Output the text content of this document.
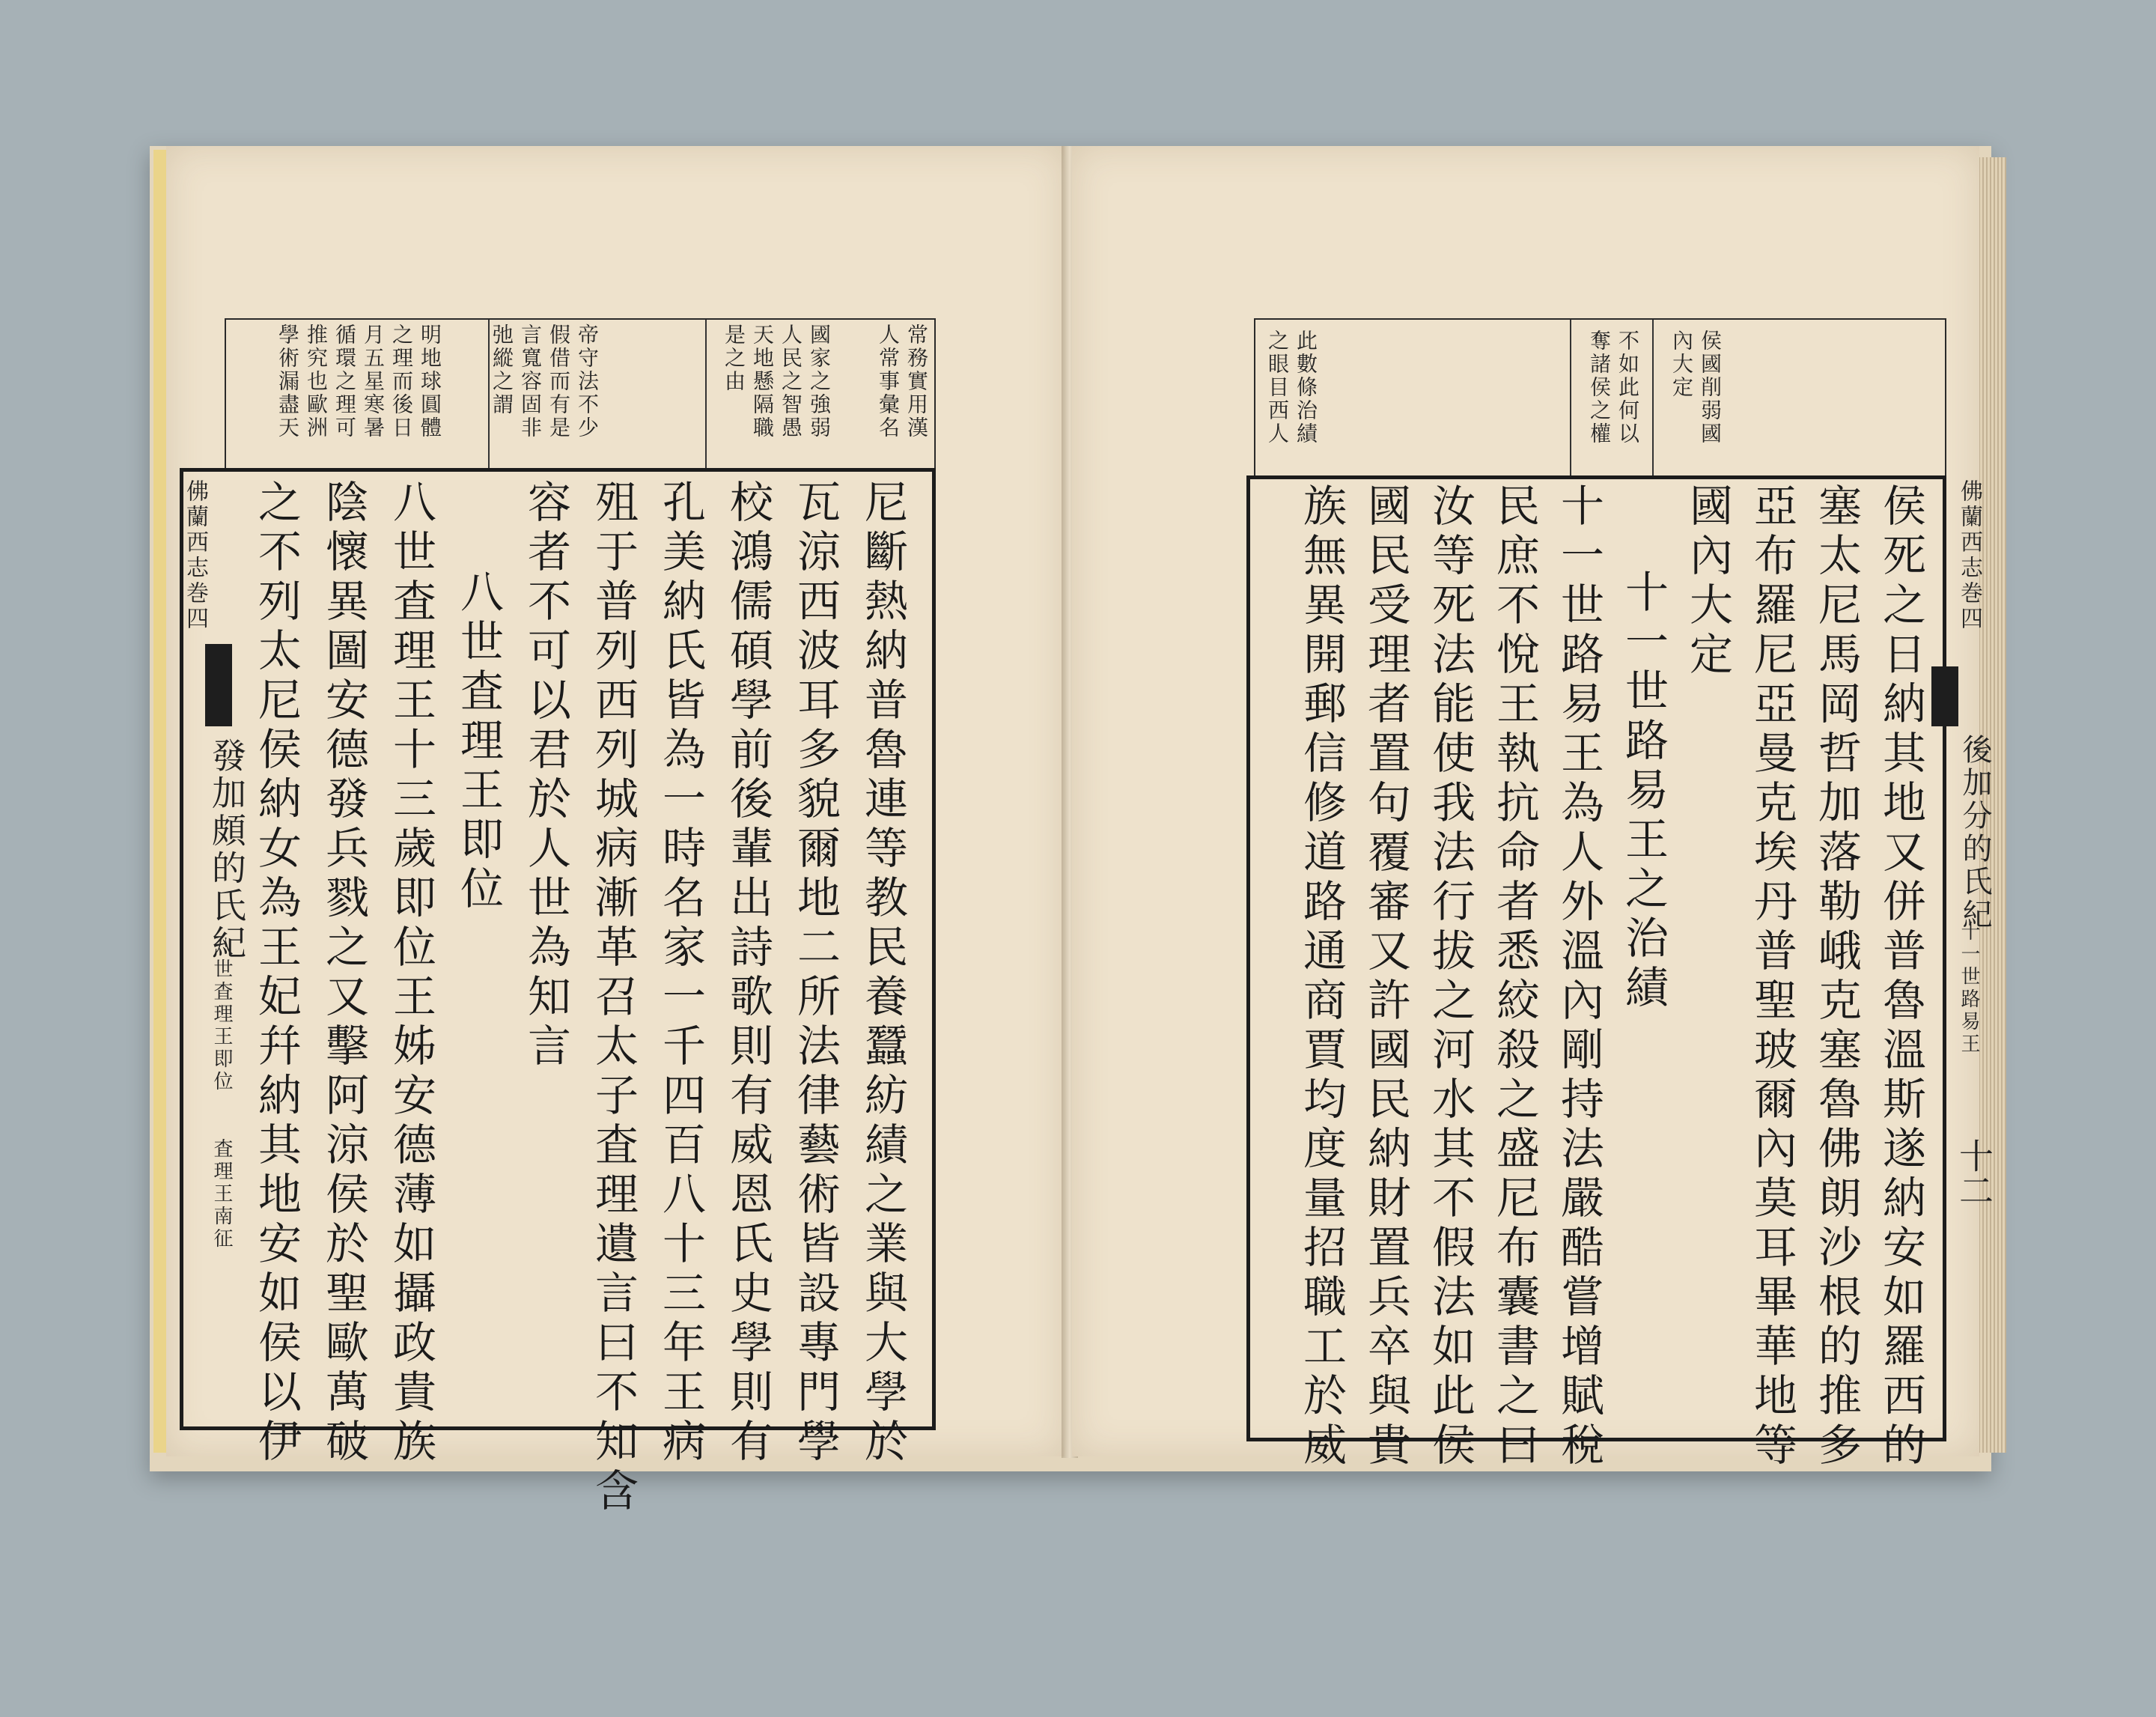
常務實用漢
人常事彙名
國家之強弱
人民之智愚
天地懸隔職
是之由
帝守法不少
假借而有是
言寬容固非
弛縱之謂
明地球圓體
之理而後日
月五星寒暑
循環之理可
推究也歐洲
學術漏盡天
佛蘭西志巻四
發加頗的氏紀
八世査理王即位
査理王南征	尼斷熱納普魯連等教民養蠶紡績之業與大學於
瓦涼西波耳多貌爾地二所法律藝術皆設專門學
校鴻儒碩學前後輩出詩歌則有威恩氏史學則有
孔美納氏皆為一時名家一千四百八十三年王病
殂于普列西列城病漸革召太子査理遺言曰不知含
容者不可以君於人世為知言
八世査理王即位
八世査理王十三歲即位王姊安德薄如攝政貴族
陰懷異圖安德發兵戮之又擊阿涼侯於聖歐萬破
之不列太尼侯納女為王妃幷納其地安如侯以伊
侯國削弱國
內大定
不如此何以
奪諸侯之權
此數條治績
之眼目西人
佛蘭西志巻四
後加分的氏紀
十一世路易王
十二
侯死之日納其地又併普魯溫斯遂納安如羅西的
塞太尼馬岡哲加落勒峨克塞魯佛朗沙根的推多
亞布羅尼亞曼克埃丹普聖玻爾內莫耳畢華地等
國內大定
十一世路易王之治績
十一世路易王為人外溫內剛持法嚴酷嘗增賦稅
民庶不悅王執抗命者悉絞殺之盛尼布囊書之曰
汝等死法能使我法行拔之河水其不假法如此侯
國民受理者置句覆審又許國民納財置兵卒與貴
族無異開郵信修道路通商賈均度量招職工於威
